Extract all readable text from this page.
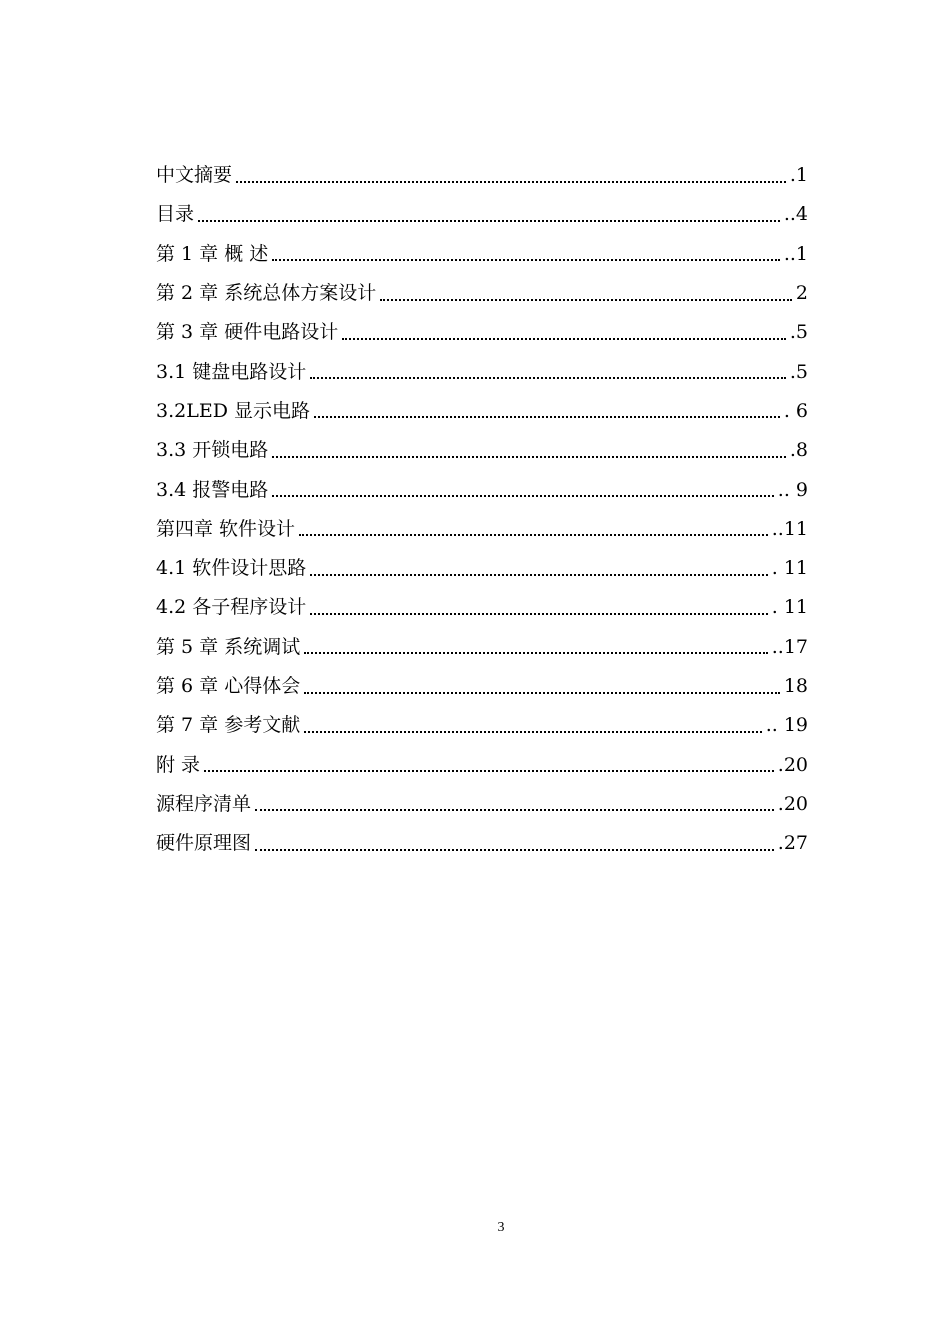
中文摘要	.1
目录	..4
第 1 章 概 述	..1
第 2 章 系统总体方案设计	2
第 3 章 硬件电路设计	.5
3.1 键盘电路设计	.5
3.2LED 显示电路	. 6
3.3 开锁电路	.8
3.4 报警电路	.. 9
第四章 软件设计	..11
4.1 软件设计思路	. 11
4.2 各子程序设计	. 11
第 5 章 系统调试	..17
第 6 章 心得体会	18
第 7 章 参考文献	.. 19
附 录	.20
源程序清单	.20
硬件原理图	.27
3
